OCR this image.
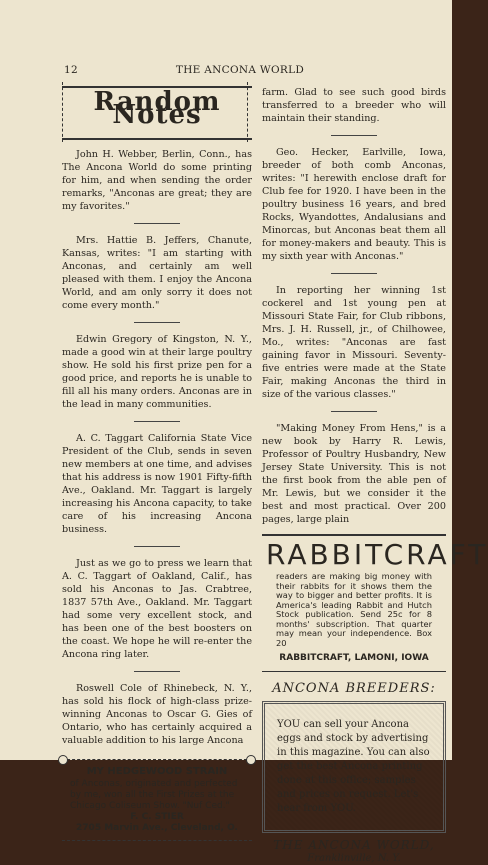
12	THE ANCONA WORLD
Random Notes

John H. Webber, Berlin, Conn., has The Ancona World do some printing for him, and when sending the order remarks, "Anconas are great; they are my favorites."

Mrs. Hattie B. Jeffers, Chanute, Kansas, writes: "I am starting with Anconas, and certainly am well pleased with them. I enjoy the Ancona World, and am only sorry it does not come every month."

Edwin Gregory of Kingston, N. Y., made a good win at their large poultry show. He sold his first prize pen for a good price, and reports he is unable to fill all his many orders. Anconas are in the lead in many communities.

A. C. Taggart California State Vice President of the Club, sends in seven new members at one time, and advises that his address is now 1901 Fifty-fifth Ave., Oakland. Mr. Taggart is largely increasing his Ancona capacity, to take care of his increasing Ancona business.

Just as we go to press we learn that A. C. Taggart of Oakland, Calif., has sold his Anconas to Jas. Crabtree, 1837 57th Ave., Oakland. Mr. Taggart had some very excellent stock, and has been one of the best boosters on the coast. We hope he will re-enter the Ancona ring later.

Roswell Cole of Rhinebeck, N. Y., has sold his flock of high-class prize-winning Anconas to Oscar G. Gies of Ontario, who has certainly acquired a valuable addition to his large Ancona

MY HEDGEWOOD STRAIN
of Anconas, originated and perfected by me, won all the First Prizes at the Chicago Coliseum Show. "Nuf Ced."
F. C. STIER
2705 Marvin Ave., Cleveland, O.

farm. Glad to see such good birds transferred to a breeder who will maintain their standing.

Geo. Hecker, Earlville, Iowa, breeder of both comb Anconas, writes: "I herewith enclose draft for Club fee for 1920. I have been in the poultry business 16 years, and bred Rocks, Wyandottes, Andalusians and Minorcas, but Anconas beat them all for money-makers and beauty. This is my sixth year with Anconas."

In reporting her winning 1st cockerel and 1st young pen at Missouri State Fair, for Club ribbons, Mrs. J. H. Russell, jr., of Chilhowee, Mo., writes: "Anconas are fast gaining favor in Missouri. Seventy-five entries were made at the State Fair, making Anconas the third in size of the various classes."

"Making Money From Hens," is a new book by Harry R. Lewis, Professor of Poultry Husbandry, New Jersey State University. This is not the first book from the able pen of Mr. Lewis, but we consider it the best and most practical. Over 200 pages, large plain

RABBITCRAFT
readers are making big money with their rabbits for it shows them the way to bigger and better profits. It is America's leading Rabbit and Hutch Stock publication. Send 25c for 8 months' subscription. That quarter may mean your independence. Box 20
RABBITCRAFT, LAMONI, IOWA
ANCONA BREEDERS:
YOU can sell your Ancona eggs and stock by advertising in this magazine. You can also get the best Ancona printing done at this office; samples and prices on request. Let's hear from YOU.
THE ANCONA WORLD,
Franklinville, N. Y.
